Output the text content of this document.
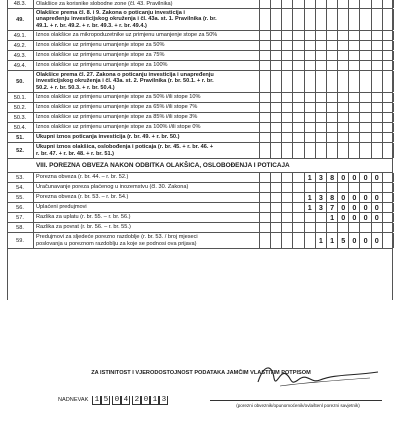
48.3.	Olakšice za korisnike slobodne zone (čl. 43. Pravilnika)
49.
Olakšice prema čl. 8. i 9. Zakona o poticanju investicija i
unapređenju investicijskog okruženja i čl. 43a. st. 1. Pravilnika (r. br.
49.1. + r. br. 49.2. + r. br. 49.3. + r. br. 49.4.)
49.1.	Iznos olakšice za mikropoduzetnike uz primjenu umanjenje stope za 50%
49.2.	Iznos olakšice uz primjenu umanjenje stope za 50%
49.3.	Iznos olakšice uz primjenu umanjenje stope za 75%
49.4.	Iznos olakšice uz primjenu umanjenje stope za 100%
50.
Olakšice prema čl. 27. Zakona o poticanju investicija i unapređenju
investicijskog okruženja i čl. 43a. st. 2. Pravilnika (r. br. 50.1. + r. br.
50.2. + r. br. 50.3. + r. br. 50.4.)
50.1.	Iznos olakšice uz primjenu umanjenje stope za 50% i/ili stope 10%
50.2.	Iznos olakšice uz primjenu umanjenje stope za 65% i/ili stope 7%
50.3.	Iznos olakšice uz primjenu umanjenje stope za 85% i/ili stope 3%
50.4.	Iznos olakšice uz primjenu umanjenje stope za 100% i/ili stope 0%
51.	Ukupni iznos poticanja investicija (r. br. 49. + r. br. 50.)
52.
Ukupni iznos olakšica, oslobođenja i poticaja (r. br. 45. + r. br. 46. +
r. br. 47. + r. br. 48. + r. br. 51.)
VIII. POREZNA OBVEZA NAKON ODBITKA OLAKŠICA, OSLOBOĐENJA I POTICAJA
53.	Porezna obveza (r. br. 44. – r. br. 52.)	1 3 8 0 0 0 0
54.	Uračunavanje poreza plaćenog u inozemstvu (čl. 30. Zakona)
55.	Porezna obveza (r. br. 53. – r. br. 54.)	1 3 8 0 0 0 0
56.	Uplaćeni predujmovi	1 3 7 0 0 0 0
57.	Razlika za uplatu (r. br. 55. – r. br. 56.)	1 0 0 0 0
58.	Razlika za povrat (r. br. 56. – r. br. 55.)
59.
Predujmovi za sljedeće porezno razdoblje (r. br. 53. / broj mjeseci
poslovanja u poreznom razdoblju za koje se podnosi ova prijava)	1 1 5 0 0 0
ZA ISTINITOST I VJERODOSTOJNOST PODATAKA JAMČIM VLASTITIM POTPISOM
NADNEVAK 1 5 0 4 2 0 1 3
(porezni obveznik/opunomoćenik/ovlaštenl porezni savjetnik)
